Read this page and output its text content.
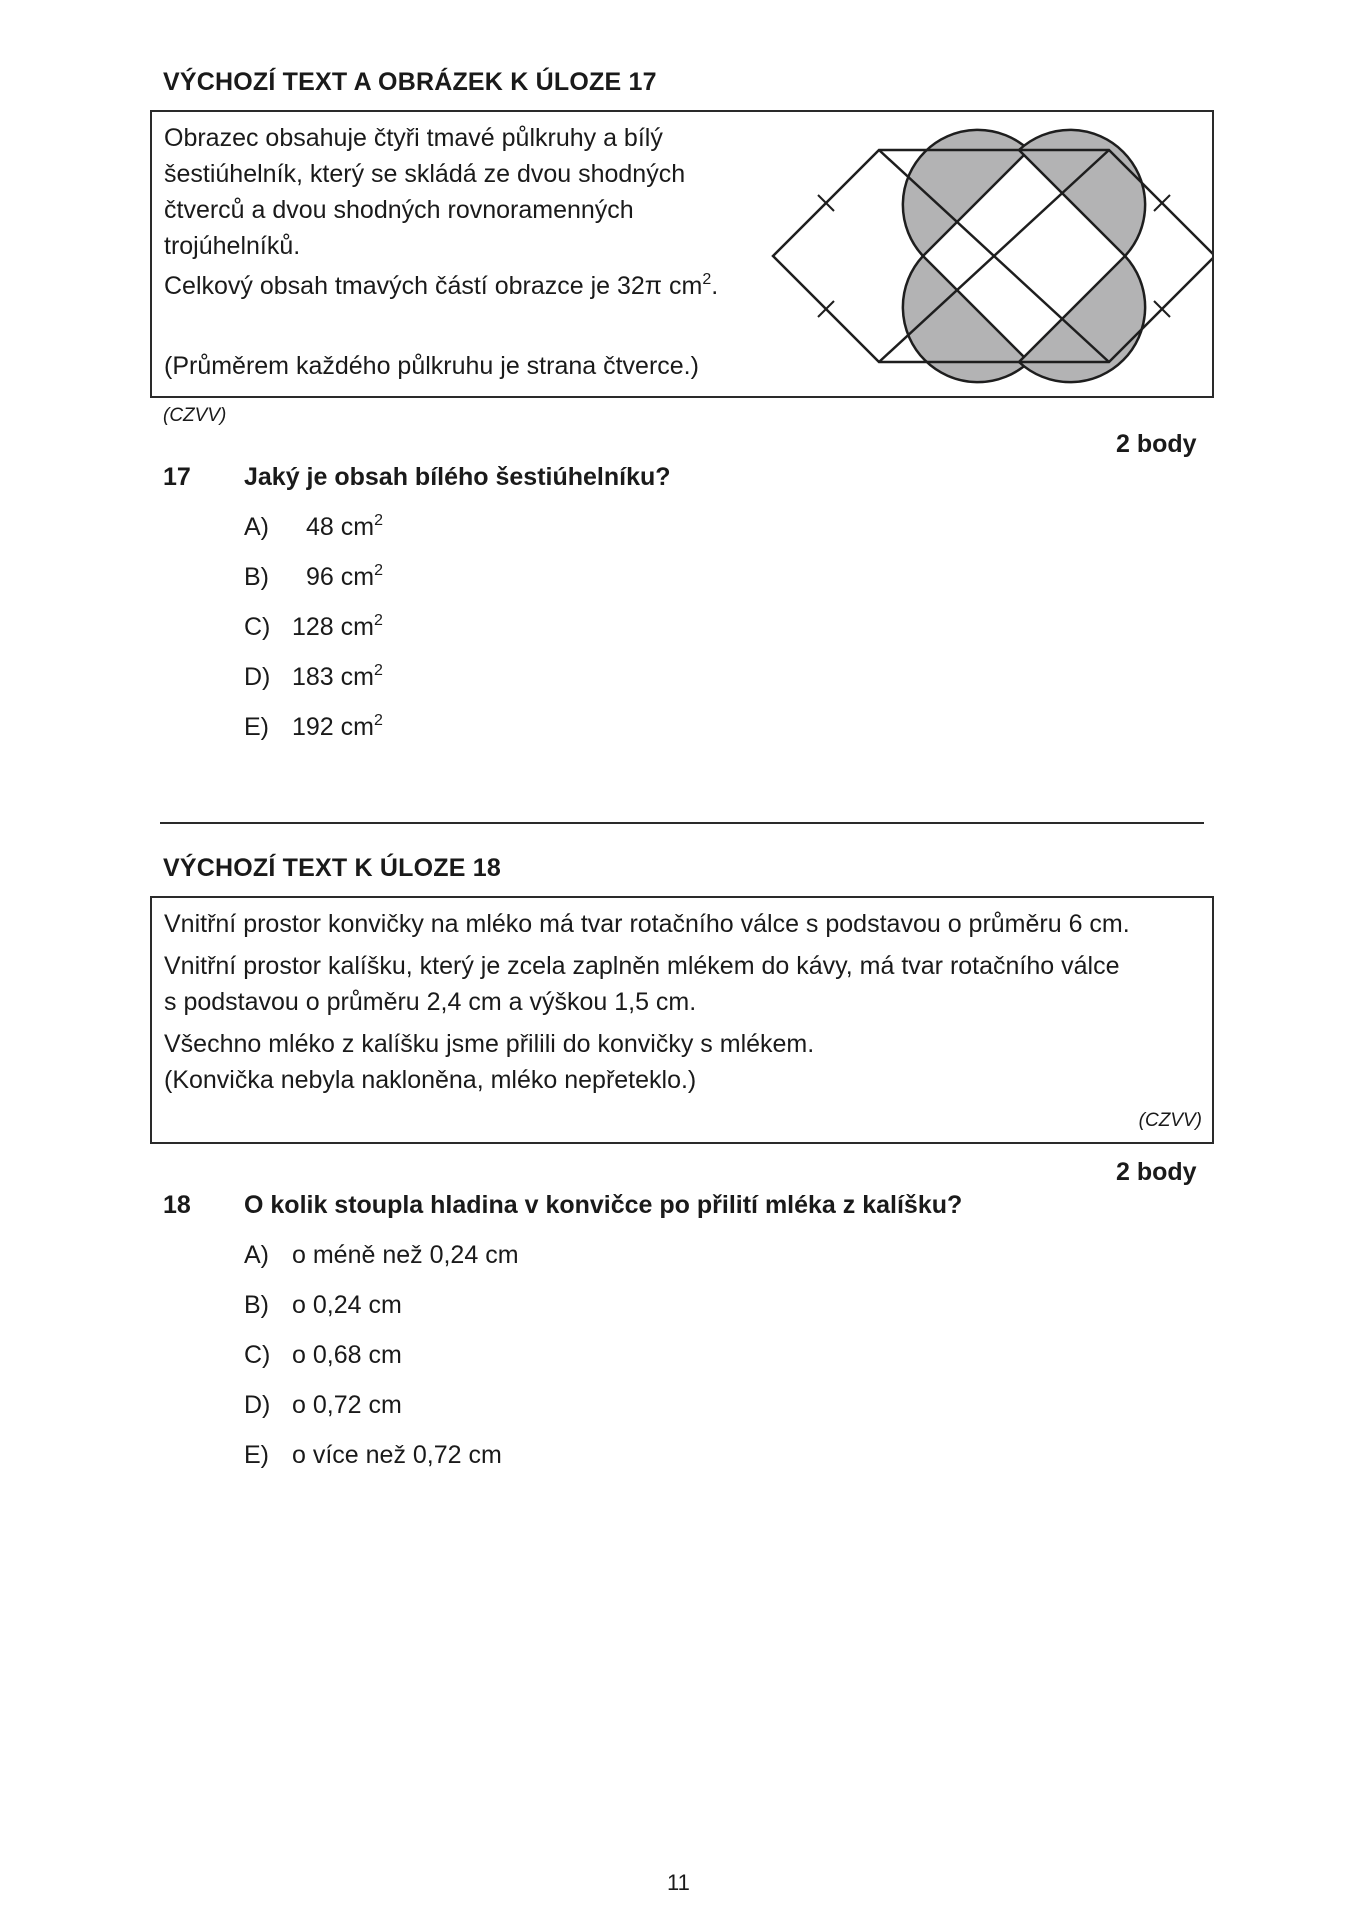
VÝCHOZÍ TEXT A OBRÁZEK K ÚLOZE 17
Obrazec obsahuje čtyři tmavé půlkruhy a bílý
šestiúhelník, který se skládá ze dvou shodných
čtverců a dvou shodných rovnoramenných
trojúhelníků.
Celkový obsah tmavých částí obrazce je 32π $cm^2$.
(Průměrem každého půlkruhu je strana čtverce.)
(CZVV)
2 body
17 Jaký je obsah bílého šestiúhelníku?
A)	48 $cm^2$
B)	96 $cm^2$
C) 128 $cm^2$
D) 183 $cm^2$
E) 192 $cm^2$
VÝCHOZÍ TEXT K ÚLOZE 18
Vnitřní prostor konvičky na mléko má tvar rotačního válce s podstavou o průměru 6 cm.
Vnitřní prostor kalíšku, který je zcela zaplněn mlékem do kávy, má tvar rotačního válce
s podstavou o průměru 2,4 cm a výškou 1,5 cm.
Všechno mléko z kalíšku jsme přilili do konvičky s mlékem.
(Konvička nebyla nakloněna, mléko nepřeteklo.)
(CZVV)
2 body
18 O kolik stoupla hladina v konvičce po přilití mléka z kalíšku?
A) o méně než 0,24 cm
B) o 0,24 cm
C) o 0,68 cm
D) o 0,72 cm
E) o více než 0,72 cm
11
